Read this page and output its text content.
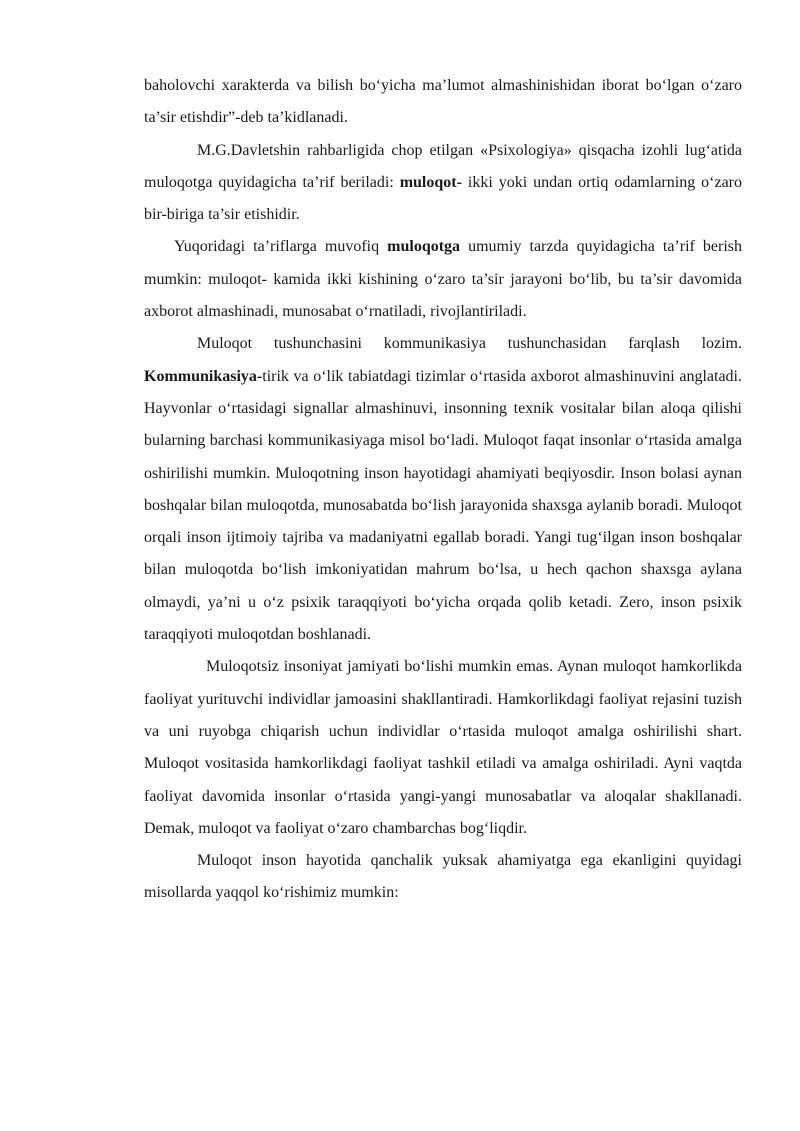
baholovchi xarakterda va bilish bo‘yicha ma’lumot almashinishidan iborat bo‘lgan o‘zaro ta’sir etishdir”-deb ta’kidlanadi.

M.G.Davletshin rahbarligida chop etilgan «Psixologiya» qisqacha izohli lug‘atida muloqotga quyidagicha ta’rif beriladi: muloqot- ikki yoki undan ortiq odamlarning o‘zaro bir-biriga ta’sir etishidir.

Yuqoridagi ta’riflarga muvofiq muloqotga umumiy tarzda quyidagicha ta’rif berish mumkin: muloqot- kamida ikki kishining o‘zaro ta’sir jarayoni bo‘lib, bu ta’sir davomida axborot almashinadi, munosabat o‘rnatiladi, rivojlantiriladi.

Muloqot tushunchasini kommunikasiya tushunchasidan farqlash lozim. Kommunikasiya-tirik va o‘lik tabiatdagi tizimlar o‘rtasida axborot almashinuvini anglatadi. Hayvonlar o‘rtasidagi signallar almashinuvi, insonning texnik vositalar bilan aloqa qilishi bularning barchasi kommunikasiyaga misol bo‘ladi. Muloqot faqat insonlar o‘rtasida amalga oshirilishi mumkin. Muloqotning inson hayotidagi ahamiyati beqiyosdir. Inson bolasi aynan boshqalar bilan muloqotda, munosabatda bo‘lish jarayonida shaxsga aylanib boradi. Muloqot orqali inson ijtimoiy tajriba va madaniyatni egallab boradi. Yangi tug‘ilgan inson boshqalar bilan muloqotda bo‘lish imkoniyatidan mahrum bo‘lsa, u hech qachon shaxsga aylana olmaydi, ya’ni u o‘z psixik taraqqiyoti bo‘yicha orqada qolib ketadi. Zero, inson psixik taraqqiyoti muloqotdan boshlanadi.

Muloqotsiz insoniyat jamiyati bo‘lishi mumkin emas. Aynan muloqot hamkorlikda faoliyat yurituvchi individlar jamoasini shakllantiradi. Hamkorlikdagi faoliyat rejasini tuzish va uni ruyobga chiqarish uchun individlar o‘rtasida muloqot amalga oshirilishi shart. Muloqot vositasida hamkorlikdagi faoliyat tashkil etiladi va amalga oshiriladi. Ayni vaqtda faoliyat davomida insonlar o‘rtasida yangi-yangi munosabatlar va aloqalar shakllanadi. Demak, muloqot va faoliyat o‘zaro chambarchas bog‘liqdir.

Muloqot inson hayotida qanchalik yuksak ahamiyatga ega ekanligini quyidagi misollarda yaqqol ko‘rishimiz mumkin:
